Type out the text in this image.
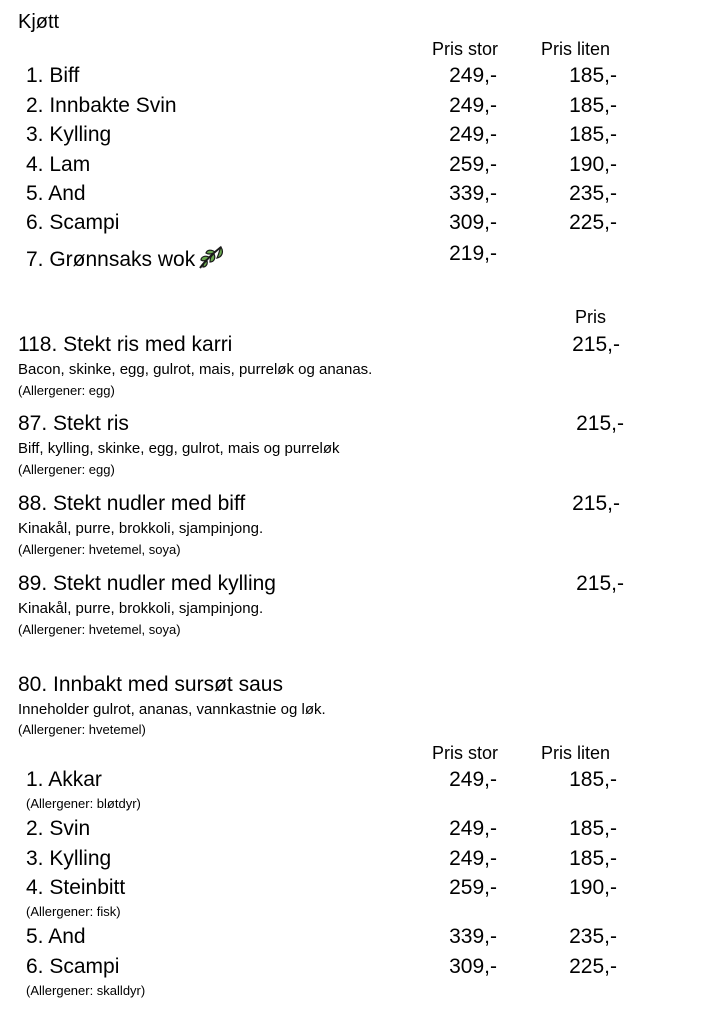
Kjøtt
Pris stor Pris liten
1. Biff	249,-	185,-
2. Innbakte Svin	249,-	185,-
3. Kylling	249,-	185,-
4. Lam	259,-	190,-
5. And	339,-	235,-
6. Scampi	309,-	225,-
7. Grønnsaks wok	219,-
Pris
118. Stekt ris med karri	215,-
Bacon, skinke, egg, gulrot, mais, purreløk og ananas.
(Allergener: egg)
87. Stekt ris	215,-
Biff, kylling, skinke, egg, gulrot, mais og purreløk
(Allergener: egg)
88. Stekt nudler med biff	215,-
Kinakål, purre, brokkoli, sjampinjong.
(Allergener: hvetemel, soya)
89. Stekt nudler med kylling	215,-
Kinakål, purre, brokkoli, sjampinjong.
(Allergener: hvetemel, soya)
80. Innbakt med sursøt saus
Inneholder gulrot, ananas, vannkastnie og løk.
(Allergener: hvetemel)
Pris stor Pris liten
1. Akkar	249,-	185,-
(Allergener: bløtdyr)
2. Svin	249,-	185,-
3. Kylling	249,-	185,-
4. Steinbitt	259,-	190,-
(Allergener: fisk)
5. And	339,-	235,-
6. Scampi	309,-	225,-
(Allergener: skalldyr)
